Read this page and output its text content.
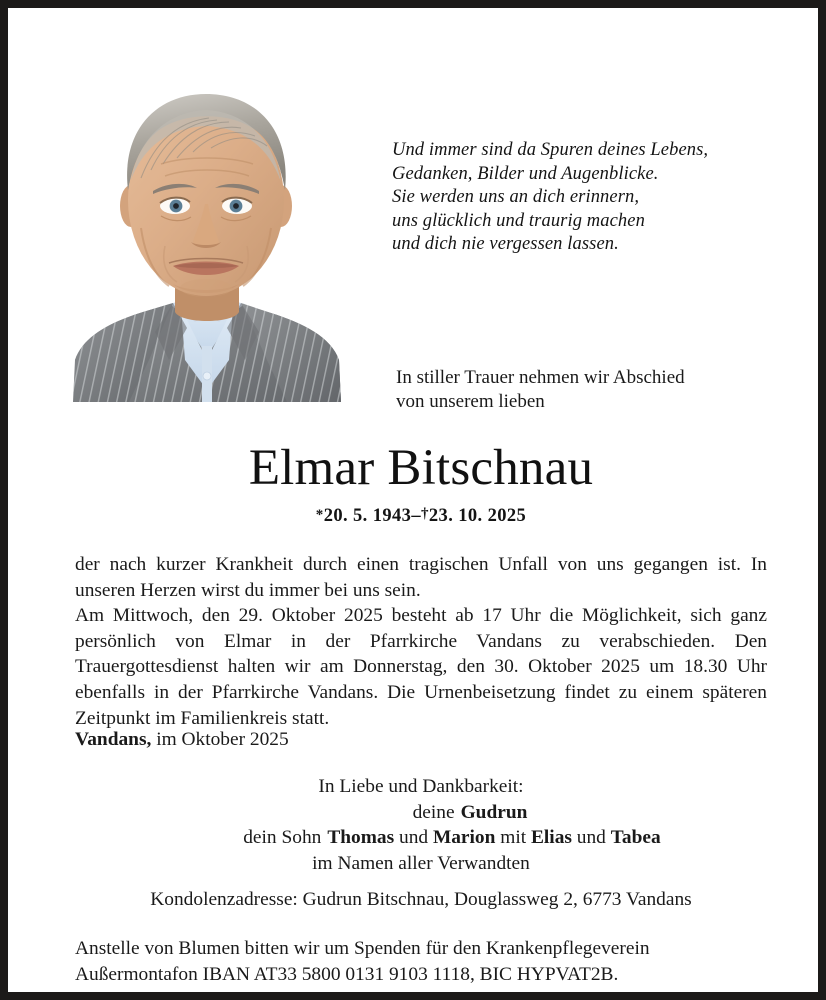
Und immer sind da Spuren deines Lebens,
Gedanken, Bilder und Augenblicke.
Sie werden uns an dich erinnern,
uns glücklich und traurig machen
und dich nie vergessen lassen.
In stiller Trauer nehmen wir Abschied
von unserem lieben
Elmar Bitschnau
*20. 5. 1943–†23. 10. 2025

der nach kurzer Krankheit durch einen tragischen Unfall von uns gegangen ist. In unseren Herzen wirst du immer bei uns sein.

Am Mittwoch, den 29. Oktober 2025 besteht ab 17 Uhr die Möglichkeit, sich ganz persönlich von Elmar in der Pfarrkirche Vandans zu verabschieden. Den Trauergottesdienst halten wir am Donnerstag, den 30. Oktober 2025 um 18.30 Uhr ebenfalls in der Pfarrkirche Vandans. Die Urnenbeisetzung findet zu einem späteren Zeitpunkt im Familienkreis statt.

Vandans, im Oktober 2025
In Liebe und Dankbarkeit:
deine Gudrun
dein Sohn Thomas und Marion mit Elias und Tabea
im Namen aller Verwandten
Kondolenzadresse: Gudrun Bitschnau, Douglassweg 2, 6773 Vandans
Anstelle von Blumen bitten wir um Spenden für den Krankenpflegeverein
Außermontafon IBAN AT33 5800 0131 9103 1118, BIC HYPVAT2B.
